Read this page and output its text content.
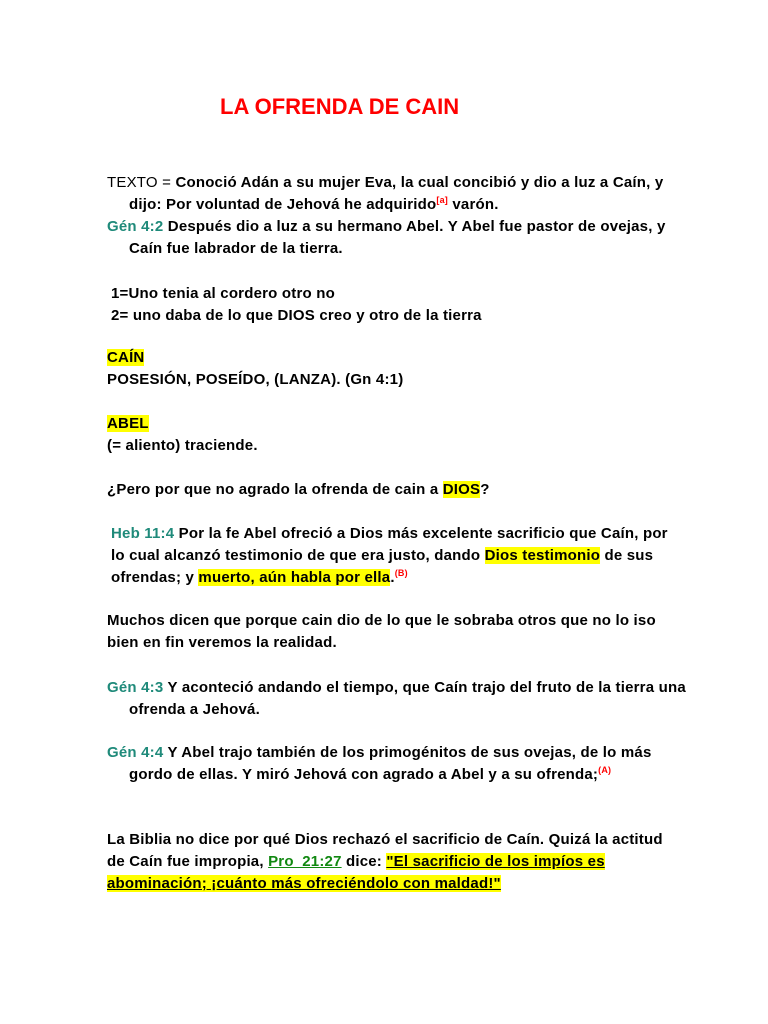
LA OFRENDA DE CAIN
TEXTO = Conoció Adán a su mujer Eva, la cual concibió y dio a luz a Caín, y dijo: Por voluntad de Jehová he adquirido[a] varón.
Gén 4:2 Después dio a luz a su hermano Abel. Y Abel fue pastor de ovejas, y Caín fue labrador de la tierra.
1=Uno tenia al cordero otro no
2= uno daba de lo que DIOS creo y otro de la tierra
CAÍN
POSESIÓN, POSEÍDO, (LANZA). (Gn 4:1)
ABEL
(= aliento) traciende.
¿Pero por que no agrado la ofrenda de cain a DIOS?
Heb 11:4 Por la fe Abel ofreció a Dios más excelente sacrificio que Caín, por lo cual alcanzó testimonio de que era justo, dando Dios testimonio de sus ofrendas; y muerto, aún habla por ella.$^{(B)}$
Muchos dicen que porque cain dio de lo que le sobraba otros que no lo iso bien en fin veremos la realidad.
Gén 4:3 Y aconteció andando el tiempo, que Caín trajo del fruto de la tierra una ofrenda a Jehová.
Gén 4:4 Y Abel trajo también de los primogénitos de sus ovejas, de lo más gordo de ellas. Y miró Jehová con agrado a Abel y a su ofrenda;$^{(A)}$
La Biblia no dice por qué Dios rechazó el sacrificio de Caín. Quizá la actitud de Caín fue impropia, Pro_21:27 dice: "El sacrificio de los impíos es abominación; ¡cuánto más ofreciéndolo con maldad!"
